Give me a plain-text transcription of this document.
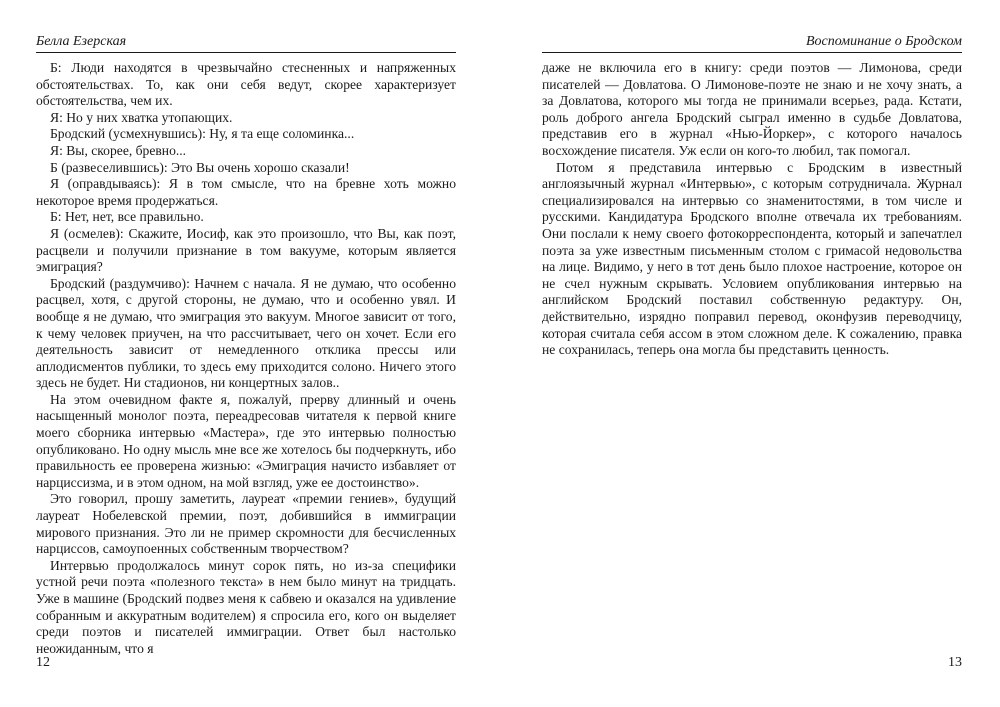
Белла Езерская

Б: Люди находятся в чрезвычайно стесненных и напряженных обстоятельствах. То, как они себя ведут, скорее характеризует обстоятельства, чем их.

Я: Но у них хватка утопающих.

Бродский (усмехнувшись): Ну, я та еще соломинка...

Я: Вы, скорее, бревно...

Б (развеселившись): Это Вы очень хорошо сказали!

Я (оправдываясь): Я в том смысле, что на бревне хоть можно некоторое время продержаться.

Б: Нет, нет, все правильно.

Я (осмелев): Скажите, Иосиф, как это произошло, что Вы, как поэт, расцвели и получили признание в том вакууме, которым является эмиграция?

Бродский (раздумчиво): Начнем с начала. Я не думаю, что особенно расцвел, хотя, с другой стороны, не думаю, что и особенно увял. И вообще я не думаю, что эмиграция это вакуум. Многое зависит от того, к чему человек приучен, на что рассчитывает, чего он хочет. Если его деятельность зависит от немедленного отклика прессы или аплодисментов публики, то здесь ему приходится солоно. Ничего этого здесь не будет. Ни стадионов, ни концертных залов..

На этом очевидном факте я, пожалуй, прерву длинный и очень насыщенный монолог поэта, переадресовав читателя к первой книге моего сборника интервью «Мастера», где это интервью полностью опубликовано. Но одну мысль мне все же хотелось бы подчеркнуть, ибо правильность ее проверена жизнью: «Эмиграция начисто избавляет от нарциссизма, и в этом одном, на мой взгляд, уже ее достоинство».

Это говорил, прошу заметить, лауреат «премии гениев», будущий лауреат Нобелевской премии, поэт, добившийся в иммиграции мирового признания. Это ли не пример скромности для бесчисленных нарциссов, самоупоенных собственным творчеством?

Интервью продолжалось минут сорок пять, но из-за специфики устной речи поэта «полезного текста» в нем было минут на тридцать. Уже в машине (Бродский подвез меня к сабвею и оказался на удивление собранным и аккуратным водителем) я спросила его, кого он выделяет среди поэтов и писателей иммиграции. Ответ был настолько неожиданным, что я

12
Воспоминание о Бродском

даже не включила его в книгу: среди поэтов — Лимонова, среди писателей — Довлатова. О Лимонове-поэте не знаю и не хочу знать, а за Довлатова, которого мы тогда не принимали всерьез, рада. Кстати, роль доброго ангела Бродский сыграл именно в судьбе Довлатова, представив его в журнал «Нью-Йоркер», с которого началось восхождение писателя. Уж если он кого-то любил, так помогал.

Потом я представила интервью с Бродским в известный англоязычный журнал «Интервью», с которым сотрудничала. Журнал специализировался на интервью со знаменитостями, в том числе и русскими. Кандидатура Бродского вполне отвечала их требованиям. Они послали к нему своего фотокорреспондента, который и запечатлел поэта за уже известным письменным столом с гримасой недовольства на лице. Видимо, у него в тот день было плохое настроение, которое он не счел нужным скрывать. Условием опубликования интервью на английском Бродский поставил собственную редактуру. Он, действительно, изрядно поправил перевод, оконфузив переводчицу, которая считала себя ассом в этом сложном деле. К сожалению, правка не сохранилась, теперь она могла бы представить ценность.

13
